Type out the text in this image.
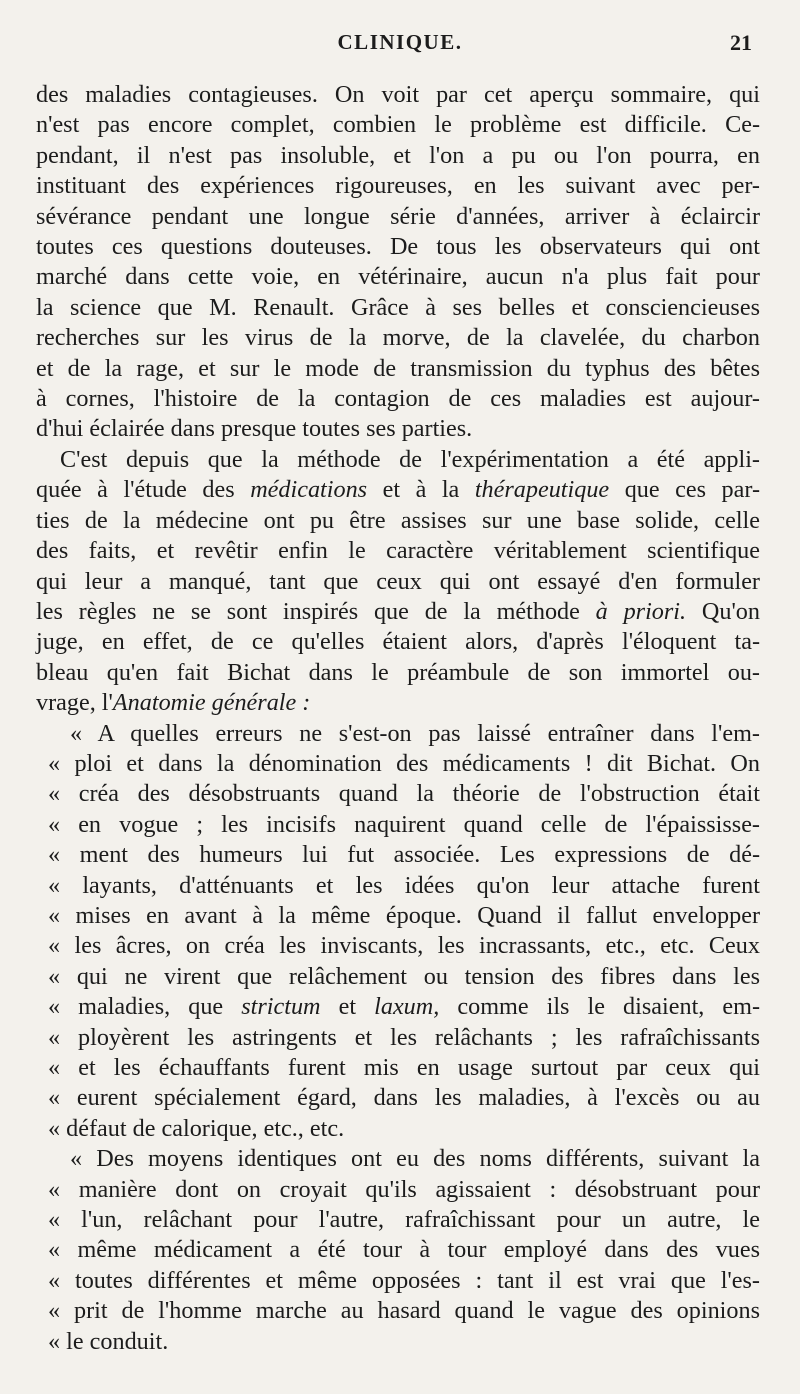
CLINIQUE.	21
des maladies contagieuses. On voit par cet aperçu sommaire, qui
n'est pas encore complet, combien le problème est difficile. Ce-
pendant, il n'est pas insoluble, et l'on a pu ou l'on pourra, en
instituant des expériences rigoureuses, en les suivant avec per-
sévérance pendant une longue série d'années, arriver à éclaircir
toutes ces questions douteuses. De tous les observateurs qui ont
marché dans cette voie, en vétérinaire, aucun n'a plus fait pour
la science que M. Renault. Grâce à ses belles et consciencieuses
recherches sur les virus de la morve, de la clavelée, du charbon
et de la rage, et sur le mode de transmission du typhus des bêtes
à cornes, l'histoire de la contagion de ces maladies est aujour-
d'hui éclairée dans presque toutes ses parties.
C'est depuis que la méthode de l'expérimentation a été appli-
quée à l'étude des médications et à la thérapeutique que ces par-
ties de la médecine ont pu être assises sur une base solide, celle
des faits, et revêtir enfin le caractère véritablement scientifique
qui leur a manqué, tant que ceux qui ont essayé d'en formuler
les règles ne se sont inspirés que de la méthode à priori. Qu'on
juge, en effet, de ce qu'elles étaient alors, d'après l'éloquent ta-
bleau qu'en fait Bichat dans le préambule de son immortel ou-
vrage, l'Anatomie générale :
« A quelles erreurs ne s'est-on pas laissé entraîner dans l'em-
« ploi et dans la dénomination des médicaments ! dit Bichat. On
« créa des désobstruants quand la théorie de l'obstruction était
« en vogue ; les incisifs naquirent quand celle de l'épaississe-
« ment des humeurs lui fut associée. Les expressions de dé-
« layants, d'atténuants et les idées qu'on leur attache furent
« mises en avant à la même époque. Quand il fallut envelopper
« les âcres, on créa les inviscants, les incrassants, etc., etc. Ceux
« qui ne virent que relâchement ou tension des fibres dans les
« maladies, que strictum et laxum, comme ils le disaient, em-
« ployèrent les astringents et les relâchants ; les rafraîchissants
« et les échauffants furent mis en usage surtout par ceux qui
« eurent spécialement égard, dans les maladies, à l'excès ou au
« défaut de calorique, etc., etc.
« Des moyens identiques ont eu des noms différents, suivant la
« manière dont on croyait qu'ils agissaient : désobstruant pour
« l'un, relâchant pour l'autre, rafraîchissant pour un autre, le
« même médicament a été tour à tour employé dans des vues
« toutes différentes et même opposées : tant il est vrai que l'es-
« prit de l'homme marche au hasard quand le vague des opinions
« le conduit.
